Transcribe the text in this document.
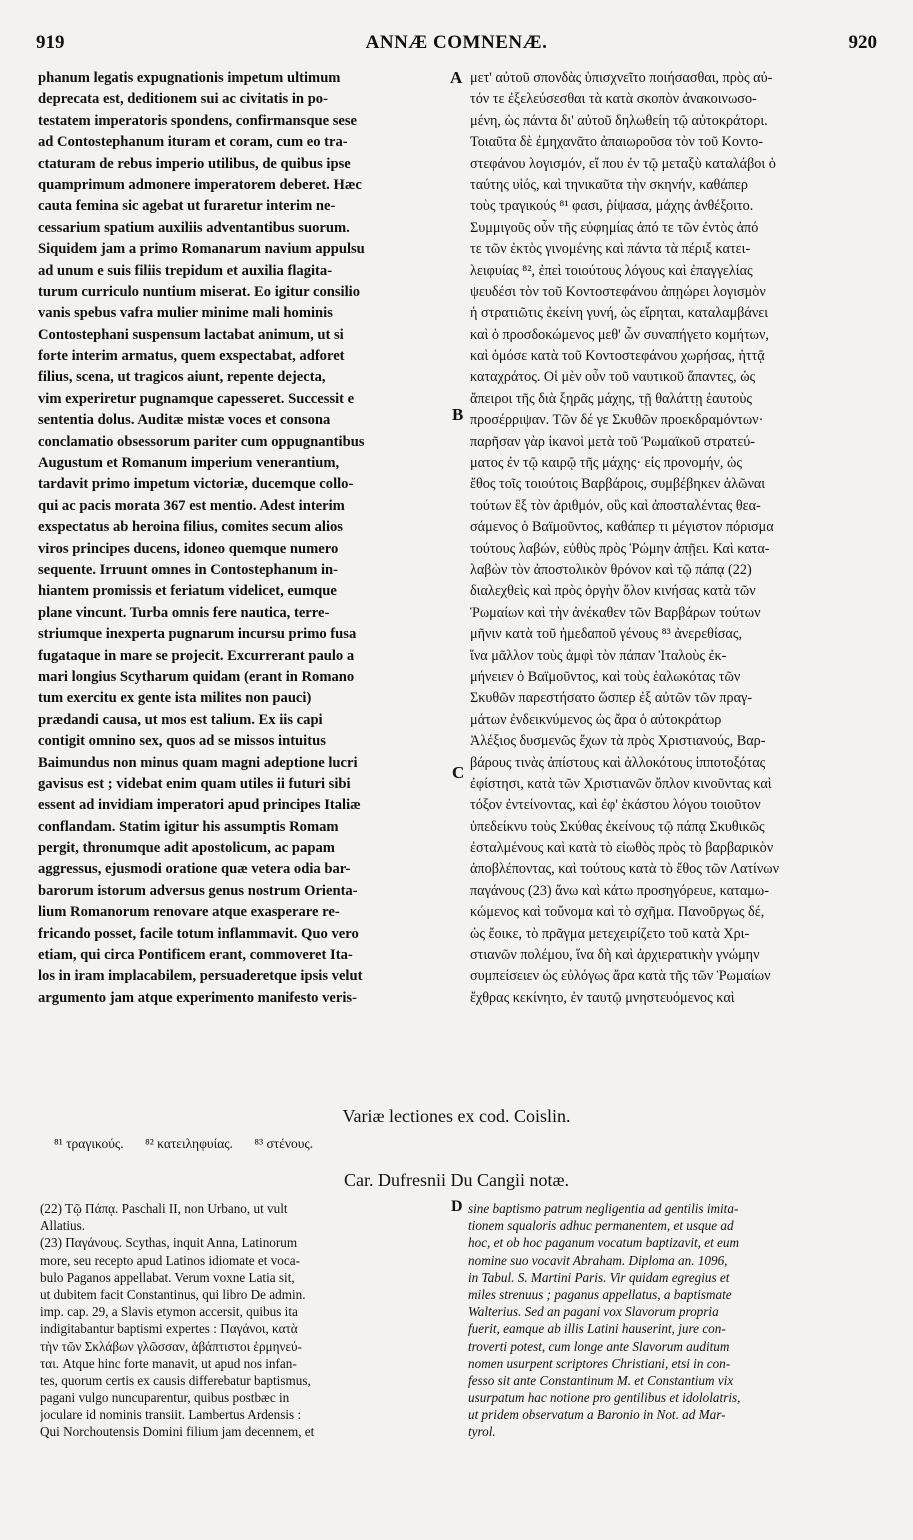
919	ANNÆ COMNENÆ.	920
phanum legatis expugnationis impetum ultimum
deprecata est, deditionem sui ac civitatis in po-
testatem imperatoris spondens, confirmansque sese
ad Contostephanum ituram et coram, cum eo tra-
ctaturam de rebus imperio utilibus, de quibus ipse
quamprimum admonere imperatorem deberet. Hæc
cauta femina sic agebat ut furaretur interim ne-
cessarium spatium auxiliis adventantibus suorum.
Siquidem jam a primo Romanarum navium appulsu
ad unum e suis filiis trepidum et auxilia flagita-
turum curriculo nuntium miserat. Eo igitur consilio
vanis spebus vafra mulier minime mali hominis
Contostephani suspensum lactabat animum, ut si
forte interim armatus, quem exspectabat, adforet
filius, scena, ut tragicos aiunt, repente dejecta,
vim experiretur pugnamque capesseret. Successit e
sententia dolus. Auditæ mistæ voces et consona
conclamatio obsessorum pariter cum oppugnantibus
Augustum et Romanum imperium venerantium,
tardavit primo impetum victoriæ, ducemque collo-
qui ac pacis morata 367 est mentio. Adest interim
exspectatus ab heroina filius, comites secum alios
viros principes ducens, idoneo quemque numero
sequente. Irruunt omnes in Contostephanum in-
hiantem promissis et feriatum videlicet, eumque
plane vincunt. Turba omnis fere nautica, terre-
striumque inexperta pugnarum incursu primo fusa
fugataque in mare se projecit. Excurrerant paulo a
mari longius Scytharum quidam (erant in Romano
tum exercitu ex gente ista milites non pauci)
prædandi causa, ut mos est talium. Ex iis capi
contigit omnino sex, quos ad se missos intuitus
Baimundus non minus quam magni adeptione lucri
gavisus est ; videbat enim quam utiles ii futuri sibi
essent ad invidiam imperatori apud principes Italiæ
conflandam. Statim igitur his assumptis Romam
pergit, thronumque adit apostolicum, ac papam
aggressus, ejusmodi oratione quæ vetera odia bar-
barorum istorum adversus genus nostrum Orienta-
lium Romanorum renovare atque exasperare re-
fricando posset, facile totum inflammavit. Quo vero
etiam, qui circa Pontificem erant, commoveret Ita-
los in iram implacabilem, persuaderetque ipsis velut
argumento jam atque experimento manifesto veris-
μετ' αὐτοῦ σπονδὰς ὑπισχνεῖτο ποιήσασθαι, πρὸς αὐ-
τόν τε ἐξελεύσεσθαι τὰ κατὰ σκοπὸν ἀνακοινωσο-
μένη, ὡς πάντα δι' αὐτοῦ δηλωθείη τῷ αὐτοκράτορι.
Τοιαῦτα δὲ ἐμηχανᾶτο ἀπαιωροῦσα τὸν τοῦ Κοντο-
στεφάνου λογισμόν, εἴ που ἐν τῷ μεταξὺ καταλάβοι ὁ
ταύτης υἱός, καὶ τηνικαῦτα τὴν σκηνήν, καθάπερ
τοὺς τραγικούς ⁸¹ φασι, ῥίψασα, μάχης ἀνθέξοιτο.
Συμμιγοῦς οὖν τῆς εὐφημίας ἀπό τε τῶν ἐντὸς ἀπό
τε τῶν ἐκτὸς γινομένης καὶ πάντα τὰ πέριξ κατει-
λειφυίας ⁸², ἐπεὶ τοιούτους λόγους καὶ ἐπαγγελίας
ψευδέσι τὸν τοῦ Κοντοστεφάνου ἀπῃώρει λογισμὸν
ἡ στρατιῶτις ἐκείνη γυνή, ὡς εἴρηται, καταλαμβάνει
καὶ ὁ προσδοκώμενος μεθ' ὧν συναπήγετο κομήτων,
καὶ ὁμόσε κατὰ τοῦ Κοντοστεφάνου χωρήσας, ἡττᾷ
καταχράτος. Οἱ μὲν οὖν τοῦ ναυτικοῦ ἅπαντες, ὡς
ἄπειροι τῆς διὰ ξηρᾶς μάχης, τῇ θαλάττῃ ἑαυτοὺς
προσέρριψαν. Τῶν δέ γε Σκυθῶν προεκδραμόντων·
παρῆσαν γὰρ ἱκανοὶ μετὰ τοῦ Ῥωμαϊκοῦ στρατεύ-
ματος ἐν τῷ καιρῷ τῆς μάχης· εἰς προνομήν, ὡς
ἔθος τοῖς τοιούτοις Βαρβάροις, συμβέβηκεν ἁλῶναι
τούτων ἓξ τὸν ἀριθμόν, οὓς καὶ ἀποσταλέντας θεα-
σάμενος ὁ Βαϊμοῦντος, καθάπερ τι μέγιστον πόρισμα
τούτους λαβών, εὐθὺς πρὸς Ῥώμην ἀπῇει. Καὶ κατα-
λαβὼν τὸν ἀποστολικὸν θρόνον καὶ τῷ πάπᾳ (22)
διαλεχθεὶς καὶ πρὸς ὀργὴν ὅλον κινήσας κατὰ τῶν
Ῥωμαίων καὶ τὴν ἀνέκαθεν τῶν Βαρβάρων τούτων
μῆνιν κατὰ τοῦ ἡμεδαποῦ γένους ⁸³ ἀνερεθίσας,
ἵνα μᾶλλον τοὺς ἀμφὶ τὸν πάπαν Ἰταλοὺς ἐκ-
μήνειεν ὁ Βαϊμοῦντος, καὶ τοὺς ἑαλωκότας τῶν
Σκυθῶν παρεστήσατο ὥσπερ ἐξ αὐτῶν τῶν πραγ-
μάτων ἐνδεικνύμενος ὡς ἄρα ὁ αὐτοκράτωρ
Ἀλέξιος δυσμενῶς ἔχων τὰ πρὸς Χριστιανούς, Βαρ-
βάρους τινὰς ἀπίστους καὶ ἀλλοκότους ἱπποτοξότας
ἐφίστησι, κατὰ τῶν Χριστιανῶν ὅπλον κινοῦντας καὶ
τόξον ἐντείνοντας, καὶ ἐφ' ἑκάστου λόγου τοιοῦτον
ὑπεδείκνυ τοὺς Σκύθας ἐκείνους τῷ πάπᾳ Σκυθικῶς
ἐσταλμένους καὶ κατὰ τὸ εἰωθὸς πρὸς τὸ βαρβαρικὸν
ἀποβλέποντας, καὶ τούτους κατὰ τὸ ἔθος τῶν Λατίνων
παγάνους (23) ἄνω καὶ κάτω προσηγόρευε, καταμω-
κώμενος καὶ τοὔνομα καὶ τὸ σχῆμα. Πανοῦργως δέ,
ὡς ἔοικε, τὸ πρᾶγμα μετεχειρίζετο τοῦ κατὰ Χρι-
στιανῶν πολέμου, ἵνα δὴ καὶ ἀρχιερατικὴν γνώμην
συμπείσειεν ὡς εὐλόγως ἄρα κατὰ τῆς τῶν Ῥωμαίων
ἔχθρας κεκίνητο, ἐν ταυτῷ μνηστευόμενος καὶ
A
B
C
Variæ lectiones ex cod. Coislin.
⁸¹ τραγικούς. ⁸² κατειληφυίας. ⁸³ στένους.
Car. Dufresnii Du Cangii notæ.
D
(22) Τῷ Πάπᾳ. Paschali II, non Urbano, ut vult
Allatius.
(23) Παγάνους. Scythas, inquit Anna, Latinorum
more, seu recepto apud Latinos idiomate et voca-
bulo Paganos appellabat. Verum voxne Latia sit,
ut dubitem facit Constantinus, qui libro De admin.
imp. cap. 29, a Slavis etymon accersit, quibus ita
indigitabantur baptismi expertes : Παγάνοι, κατὰ
τὴν τῶν Σκλάβων γλῶσσαν, ἀβάπτιστοι ἑρμηνεύ-
ται. Atque hinc forte manavit, ut apud nos infan-
tes, quorum certis ex causis differebatur baptismus,
pagani vulgo nuncuparentur, quibus postbæc in
joculare id nominis transiit. Lambertus Ardensis :
Qui Norchoutensis Domini filium jam decennem, et
sine baptismo patrum negligentia ad gentilis imita-
tionem squaloris adhuc permanentem, et usque ad
hoc, et ob hoc paganum vocatum baptizavit, et eum
nomine suo vocavit Abraham. Diploma an. 1096,
in Tabul. S. Martini Paris. Vir quidam egregius et
miles strenuus ; paganus appellatus, a baptismate
Walterius. Sed an pagani vox Slavorum propria
fuerit, eamque ab illis Latini hauserint, jure con-
troverti potest, cum longe ante Slavorum auditum
nomen usurpent scriptores Christiani, etsi in con-
fesso sit ante Constantinum M. et Constantium vix
usurpatum hac notione pro gentilibus et idololatris,
ut pridem observatum a Baronio in Not. ad Mar-
tyrol.
